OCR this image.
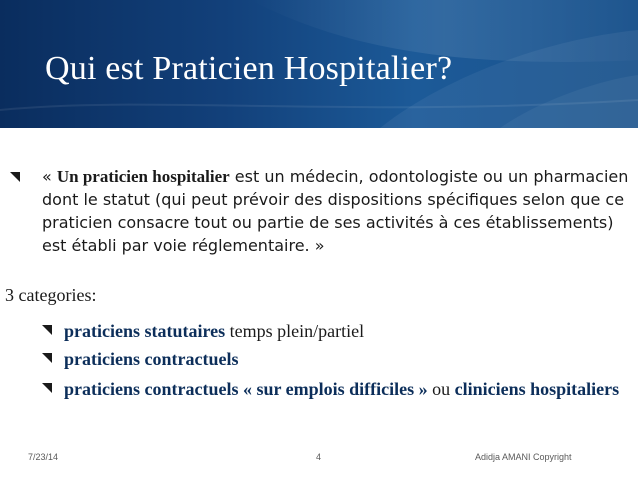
Qui est Praticien Hospitalier?

« Un praticien hospitalier est un médecin, odontologiste ou un pharmacien dont le statut (qui peut prévoir des dispositions spécifiques selon que ce praticien consacre tout ou partie de ses activités à ces établissements) est établi par voie réglementaire. »

3 categories:

praticiens statutaires temps plein/partiel

praticiens contractuels

praticiens contractuels « sur emplois difficiles » ou cliniciens hospitaliers

7/23/14	4	Adidja AMANI Copyright
